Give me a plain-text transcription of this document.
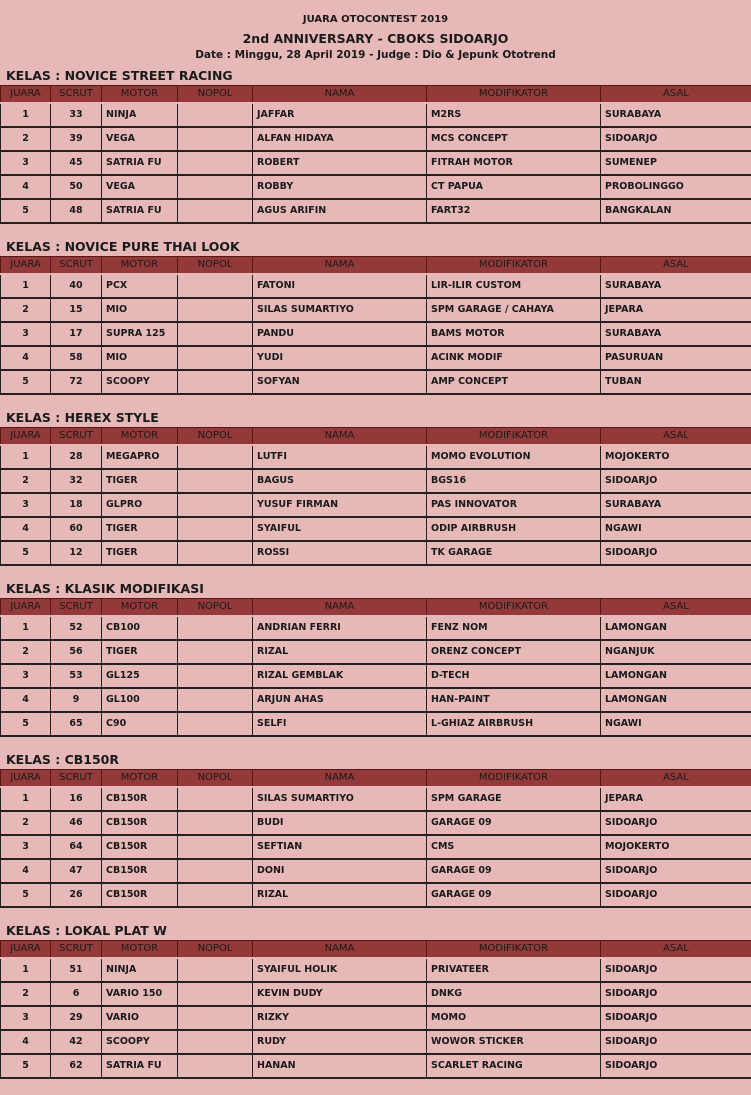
JUARA OTOCONTEST 2019
2nd ANNIVERSARY - CBOKS SIDOARJO
Date : Minggu, 28 April 2019 - Judge : Dio & Jepunk Ototrend
KELAS : NOVICE STREET RACING
JUARA	SCRUT	MOTOR	NOPOL	NAMA	MODIFIKATOR	ASAL
1	33	NINJA		JAFFAR	M2RS	SURABAYA
2	39	VEGA		ALFAN HIDAYA	MCS CONCEPT	SIDOARJO
3	45	SATRIA FU		ROBERT	FITRAH MOTOR	SUMENEP
4	50	VEGA		ROBBY	CT PAPUA	PROBOLINGGO
5	48	SATRIA FU		AGUS ARIFIN	FART32	BANGKALAN
KELAS : NOVICE PURE THAI LOOK
JUARA	SCRUT	MOTOR	NOPOL	NAMA	MODIFIKATOR	ASAL
1	40	PCX		FATONI	LIR-ILIR CUSTOM	SURABAYA
2	15	MIO		SILAS SUMARTIYO	SPM GARAGE / CAHAYA	JEPARA
3	17	SUPRA 125		PANDU	BAMS MOTOR	SURABAYA
4	58	MIO		YUDI	ACINK MODIF	PASURUAN
5	72	SCOOPY		SOFYAN	AMP CONCEPT	TUBAN
KELAS : HEREX STYLE
JUARA	SCRUT	MOTOR	NOPOL	NAMA	MODIFIKATOR	ASAL
1	28	MEGAPRO		LUTFI	MOMO EVOLUTION	MOJOKERTO
2	32	TIGER		BAGUS	BGS16	SIDOARJO
3	18	GLPRO		YUSUF FIRMAN	PAS INNOVATOR	SURABAYA
4	60	TIGER		SYAIFUL	ODIP AIRBRUSH	NGAWI
5	12	TIGER		ROSSI	TK GARAGE	SIDOARJO
KELAS : KLASIK MODIFIKASI
JUARA	SCRUT	MOTOR	NOPOL	NAMA	MODIFIKATOR	ASAL
1	52	CB100		ANDRIAN FERRI	FENZ NOM	LAMONGAN
2	56	TIGER		RIZAL	ORENZ CONCEPT	NGANJUK
3	53	GL125		RIZAL GEMBLAK	D-TECH	LAMONGAN
4	9	GL100		ARJUN AHAS	HAN-PAINT	LAMONGAN
5	65	C90		SELFI	L-GHIAZ AIRBRUSH	NGAWI
KELAS : CB150R
JUARA	SCRUT	MOTOR	NOPOL	NAMA	MODIFIKATOR	ASAL
1	16	CB150R		SILAS SUMARTIYO	SPM GARAGE	JEPARA
2	46	CB150R		BUDI	GARAGE 09	SIDOARJO
3	64	CB150R		SEFTIAN	CMS	MOJOKERTO
4	47	CB150R		DONI	GARAGE 09	SIDOARJO
5	26	CB150R		RIZAL	GARAGE 09	SIDOARJO
KELAS : LOKAL PLAT W
JUARA	SCRUT	MOTOR	NOPOL	NAMA	MODIFIKATOR	ASAL
1	51	NINJA		SYAIFUL HOLIK	PRIVATEER	SIDOARJO
2	6	VARIO 150		KEVIN DUDY	DNKG	SIDOARJO
3	29	VARIO		RIZKY	MOMO	SIDOARJO
4	42	SCOOPY		RUDY	WOWOR STICKER	SIDOARJO
5	62	SATRIA FU		HANAN	SCARLET RACING	SIDOARJO
